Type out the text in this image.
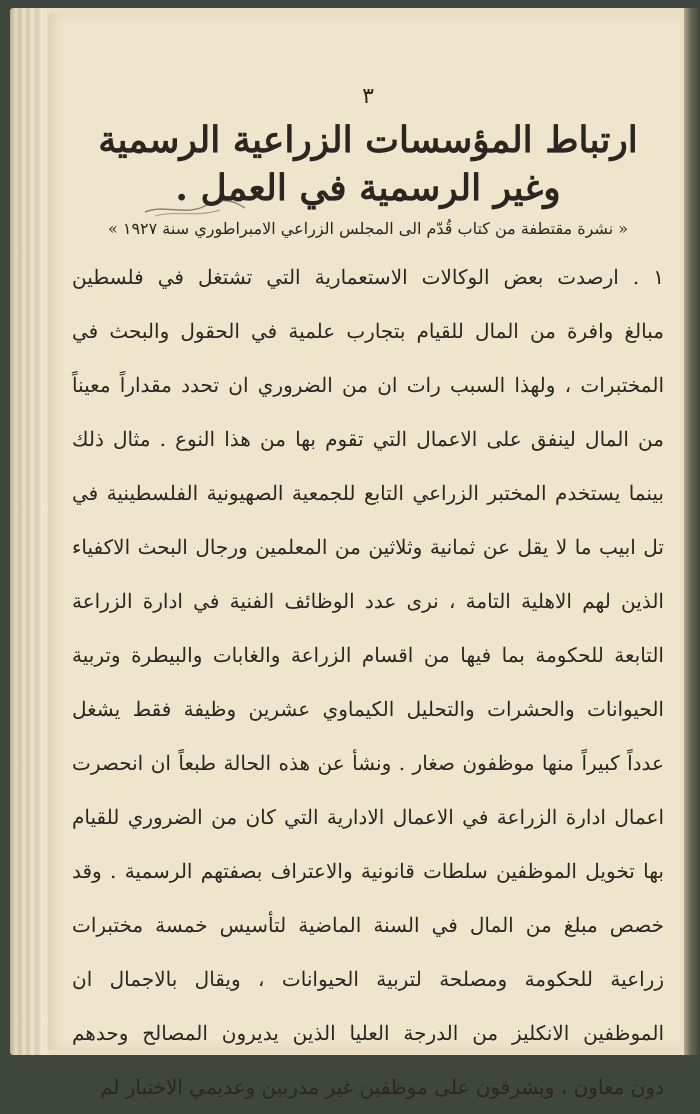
٣
ارتباط المؤسسات الزراعية الرسمية
وغير الرسمية في العمل .
« نشرة مقتطفة من كتاب قُدّم الى المجلس الزراعي الامبراطوري سنة ١٩٢٧ »
١ . ارصدت بعض الوكالات الاستعمارية التي تشتغل في فلسطين
مبالغ وافرة من المال للقيام بتجارب علمية في الحقول والبحث في
المختبرات ، ولهذا السبب رات ان من الضروري ان تحدد مقداراً معيناً
من المال لينفق على الاعمال التي تقوم بها من هذا النوع . مثال ذلك
بينما يستخدم المختبر الزراعي التابع للجمعية الصهيونية الفلسطينية في
تل ابيب ما لا يقل عن ثمانية وثلاثين من المعلمين ورجال البحث الاكفياء
الذين لهم الاهلية التامة ، نرى عدد الوظائف الفنية في ادارة الزراعة
التابعة للحكومة بما فيها من اقسام الزراعة والغابات والبيطرة وتربية
الحيوانات والحشرات والتحليل الكيماوي عشرين وظيفة فقط يشغل
عدداً كبيراً منها موظفون صغار . ونشأ عن هذه الحالة طبعاً ان انحصرت
اعمال ادارة الزراعة في الاعمال الادارية التي كان من الضروري للقيام
بها تخويل الموظفين سلطات قانونية والاعتراف بصفتهم الرسمية . وقد
خصص مبلغ من المال في السنة الماضية لتأسيس خمسة مختبرات
زراعية للحكومة ومصلحة لتربية الحيوانات ، ويقال بالاجمال ان
الموظفين الانكليز من الدرجة العليا الذين يديرون المصالح وحدهم
دون معاون ، ويشرفون على موظفين غير مدربين وعديمي الاختبار لم
